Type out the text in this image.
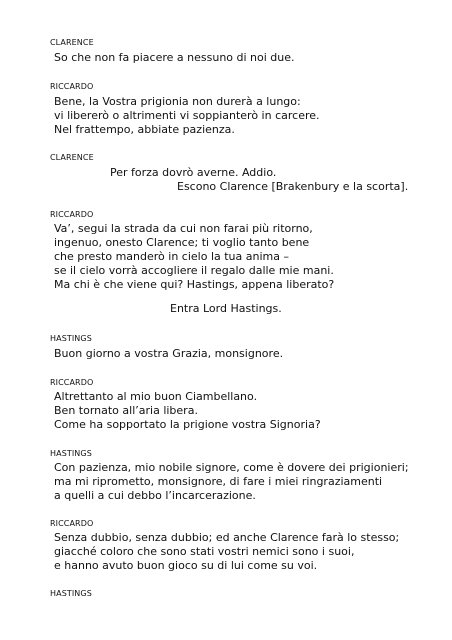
CLARENCE
So che non fa piacere a nessuno di noi due.
RICCARDO
Bene, la Vostra prigionia non durerà a lungo:
vi libererò o altrimenti vi soppianterò in carcere.
Nel frattempo, abbiate pazienza.
CLARENCE
Per forza dovrò averne. Addio.
Escono Clarence [Brakenbury e la scorta].
RICCARDO
Va’, segui la strada da cui non farai più ritorno,
ingenuo, onesto Clarence; ti voglio tanto bene
che presto manderò in cielo la tua anima –
se il cielo vorrà accogliere il regalo dalle mie mani.
Ma chi è che viene qui? Hastings, appena liberato?
Entra Lord Hastings.
HASTINGS
Buon giorno a vostra Grazia, monsignore.
RICCARDO
Altrettanto al mio buon Ciambellano.
Ben tornato all’aria libera.
Come ha sopportato la prigione vostra Signoria?
HASTINGS
Con pazienza, mio nobile signore, come è dovere dei prigionieri;
ma mi riprometto, monsignore, di fare i miei ringraziamenti
a quelli a cui debbo l’incarcerazione.
RICCARDO
Senza dubbio, senza dubbio; ed anche Clarence farà lo stesso;
giacché coloro che sono stati vostri nemici sono i suoi,
e hanno avuto buon gioco su di lui come su voi.
HASTINGS
